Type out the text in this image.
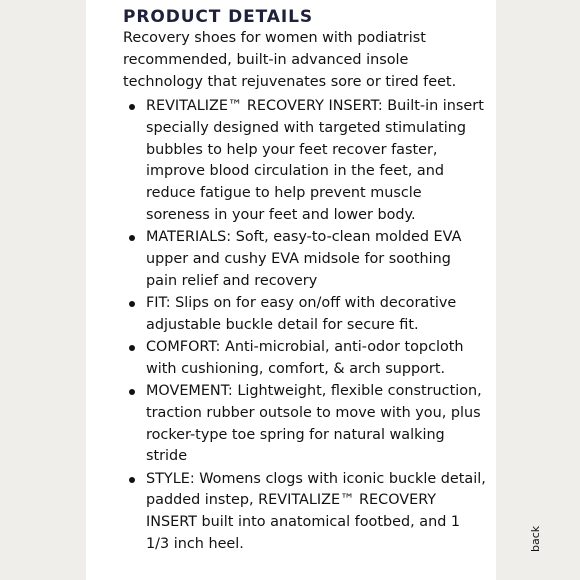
PRODUCT DETAILS

Recovery shoes for women with podiatrist recommended, built-in advanced insole technology that rejuvenates sore or tired feet.

REVITALIZE™ RECOVERY INSERT: Built-in insert specially designed with targeted stimulating bubbles to help your feet recover faster, improve blood circulation in the feet, and reduce fatigue to help prevent muscle soreness in your feet and lower body.
MATERIALS: Soft, easy-to-clean molded EVA upper and cushy EVA midsole for soothing pain relief and recovery
FIT: Slips on for easy on/off with decorative adjustable buckle detail for secure fit.
COMFORT: Anti-microbial, anti-odor topcloth with cushioning, comfort, & arch support.
MOVEMENT: Lightweight, flexible construction, traction rubber outsole to move with you, plus rocker-type toe spring for natural walking stride
STYLE: Womens clogs with iconic buckle detail, padded instep, REVITALIZE™ RECOVERY INSERT built into anatomical footbed, and 1 1/3 inch heel.	back
